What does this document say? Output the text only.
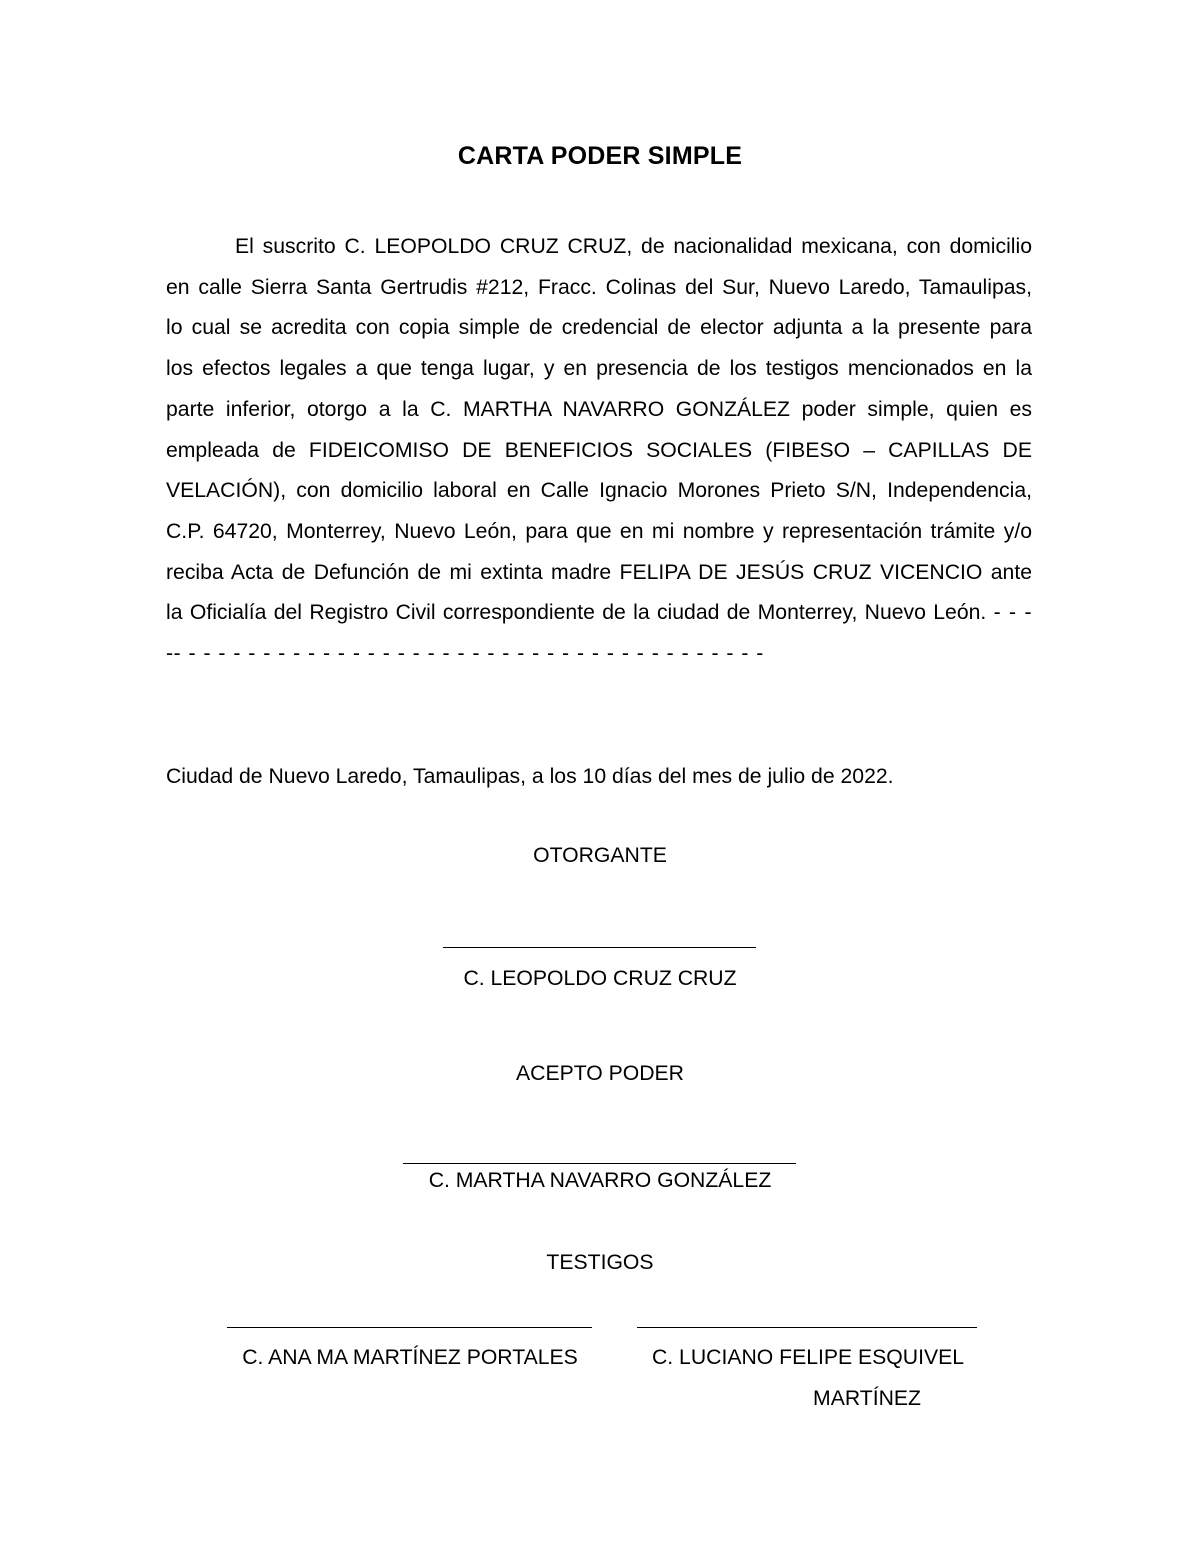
CARTA PODER SIMPLE
El suscrito C. LEOPOLDO CRUZ CRUZ, de nacionalidad mexicana, con domicilio en calle Sierra Santa Gertrudis #212, Fracc. Colinas del Sur, Nuevo Laredo, Tamaulipas, lo cual se acredita con copia simple de credencial de elector adjunta a la presente para los efectos legales a que tenga lugar, y en presencia de los testigos mencionados en la parte inferior, otorgo a la C. MARTHA NAVARRO GONZÁLEZ poder simple, quien es empleada de FIDEICOMISO DE BENEFICIOS SOCIALES (FIBESO – CAPILLAS DE VELACIÓN), con domicilio laboral en Calle Ignacio Morones Prieto S/N, Independencia, C.P. 64720, Monterrey, Nuevo León, para que en mi nombre y representación trámite y/o reciba Acta de Defunción de mi extinta madre FELIPA DE JESÚS CRUZ VICENCIO ante la Oficialía del Registro Civil correspondiente de la ciudad de Monterrey, Nuevo León. - - - -- - - - - - - - - - - - - - - - - - - - - - - - - - - - - - - - - - - - - - - -
Ciudad de Nuevo Laredo, Tamaulipas, a los 10 días del mes de julio de 2022.
OTORGANTE
C. LEOPOLDO CRUZ CRUZ
ACEPTO PODER
C. MARTHA NAVARRO GONZÁLEZ
TESTIGOS
C. ANA MA MARTÍNEZ PORTALES	C. LUCIANO FELIPE ESQUIVEL
MARTÍNEZ
